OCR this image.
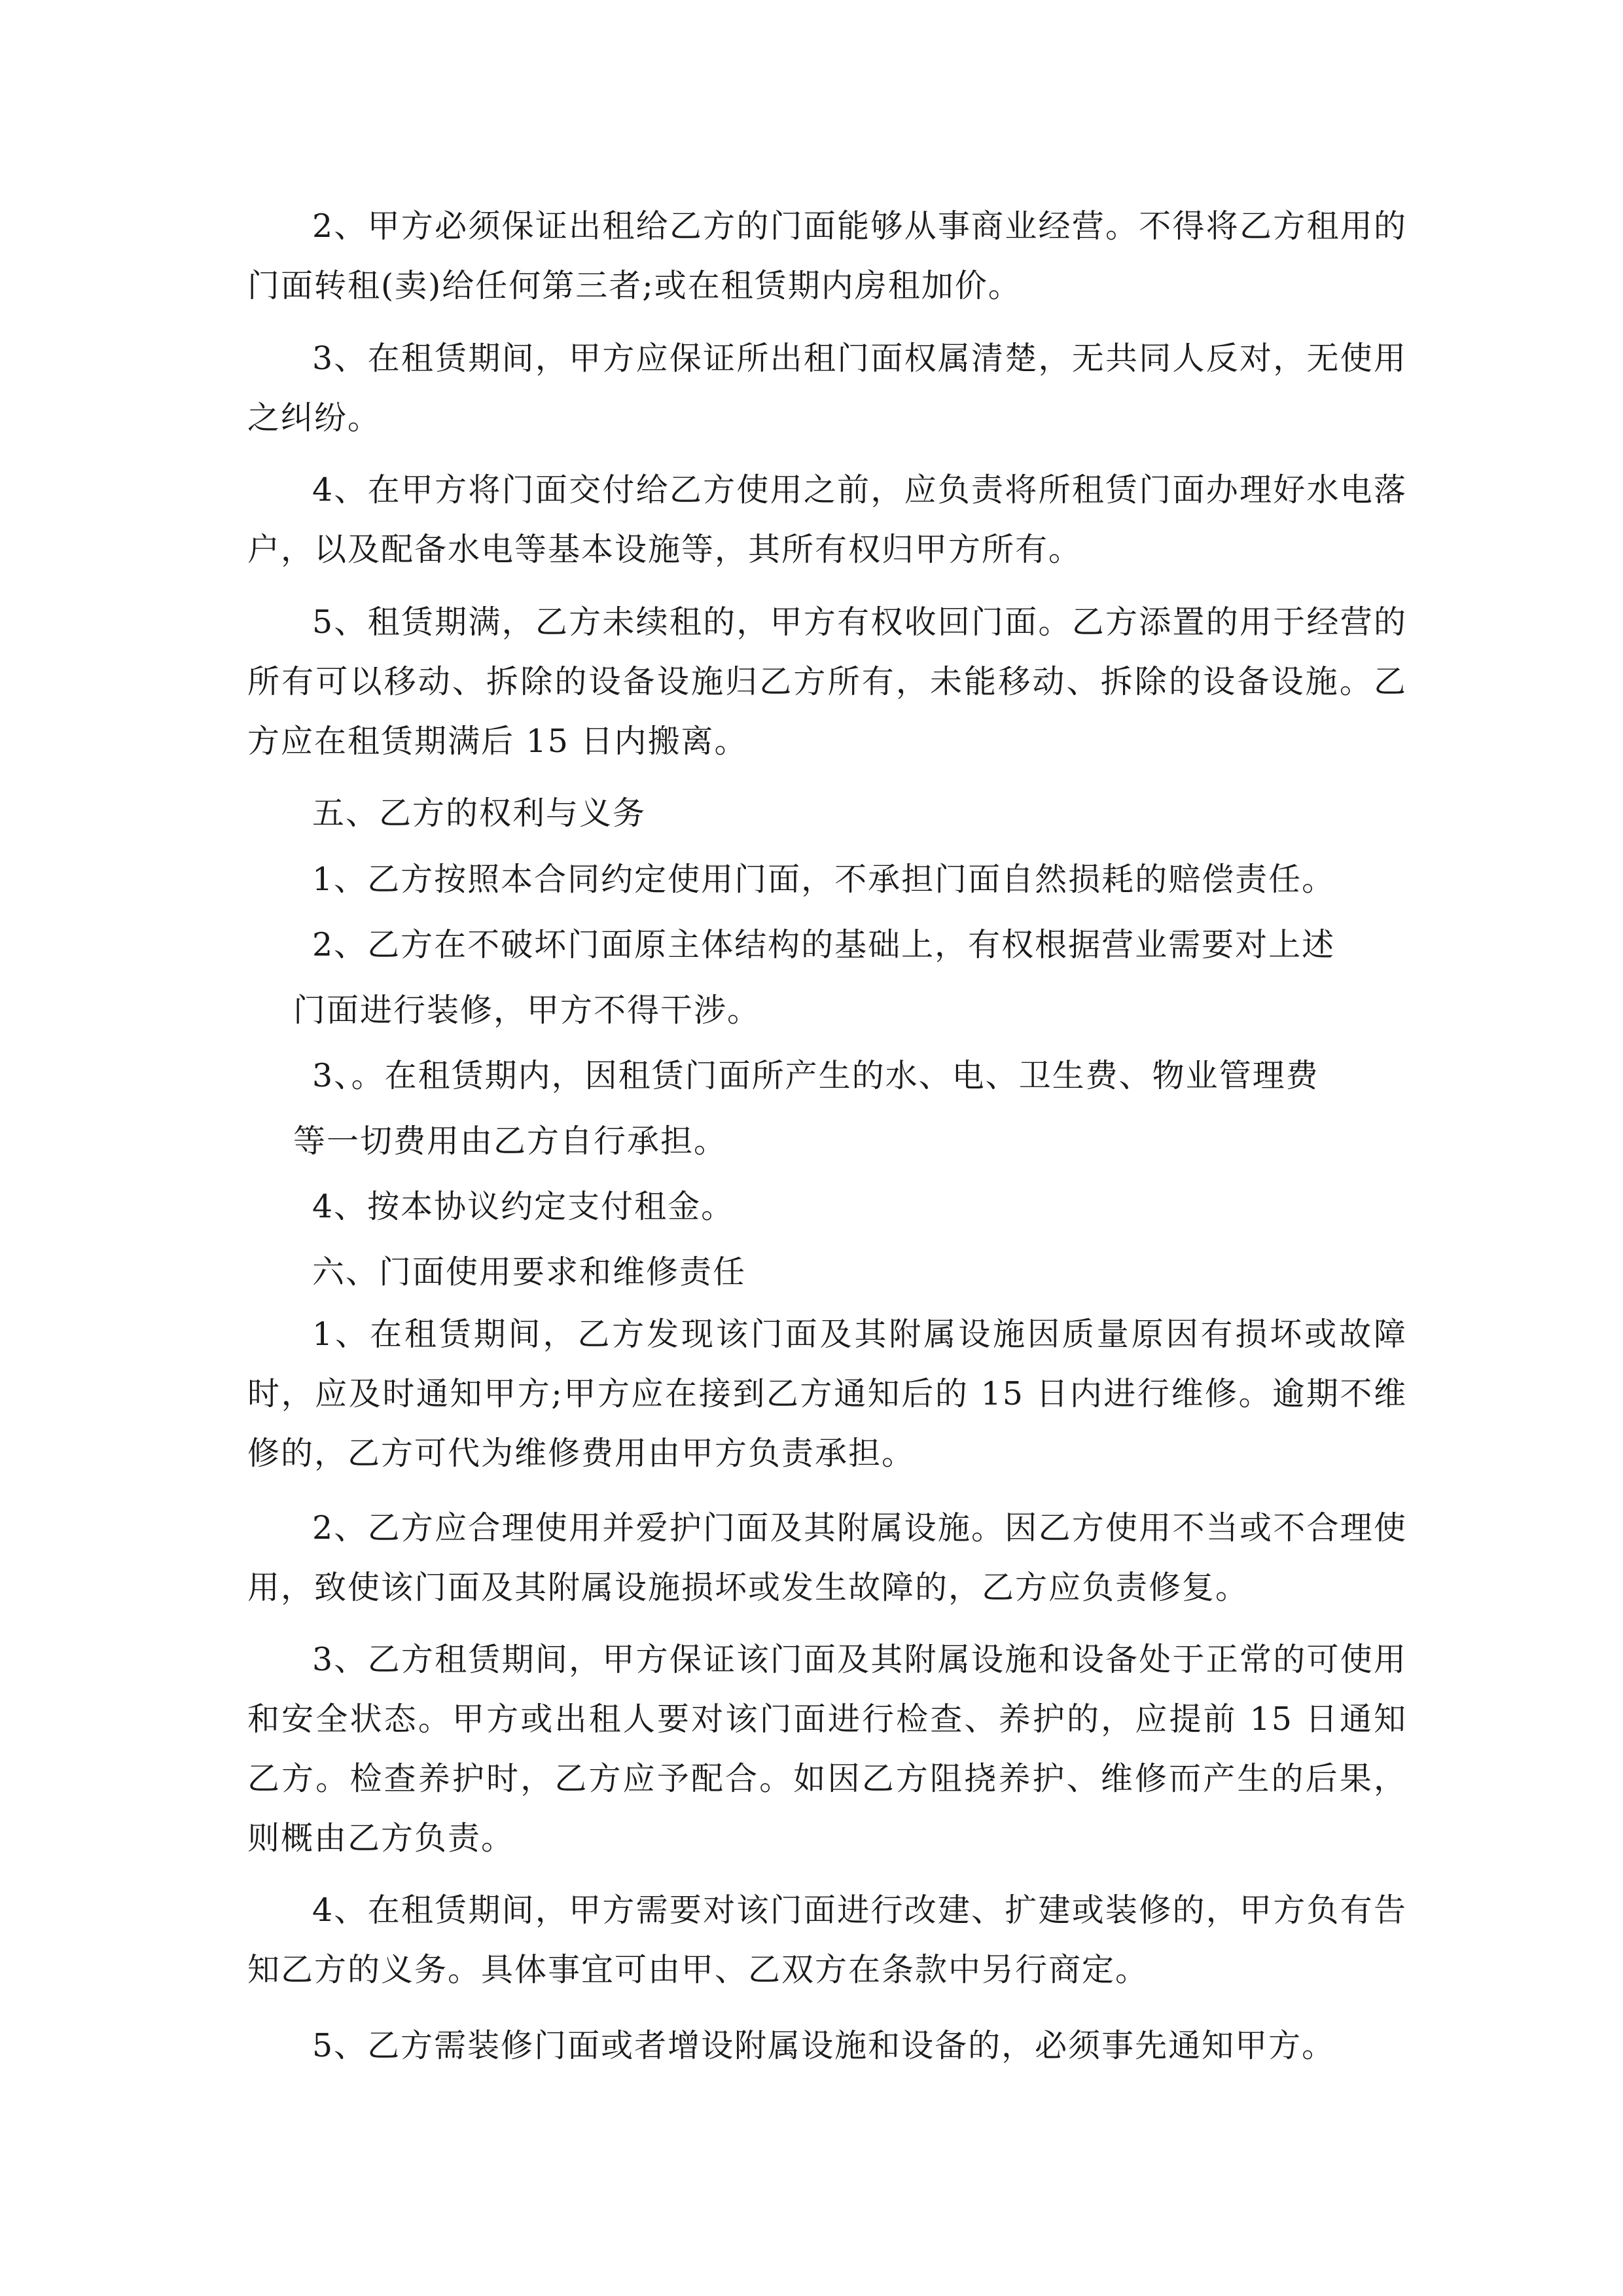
2、甲方必须保证出租给乙方的门面能够从事商业经营。不得将乙方租用的门面转租(卖)给任何第三者;或在租赁期内房租加价。

3、在租赁期间，甲方应保证所出租门面权属清楚，无共同人反对，无使用之纠纷。

4、在甲方将门面交付给乙方使用之前，应负责将所租赁门面办理好水电落户，以及配备水电等基本设施等，其所有权归甲方所有。

5、租赁期满，乙方未续租的，甲方有权收回门面。乙方添置的用于经营的所有可以移动、拆除的设备设施归乙方所有，未能移动、拆除的设备设施。乙方应在租赁期满后 15 日内搬离。

五、乙方的权利与义务

1、乙方按照本合同约定使用门面，不承担门面自然损耗的赔偿责任。

2、乙方在不破坏门面原主体结构的基础上，有权根据营业需要对上述

门面进行装修，甲方不得干涉。

3、。在租赁期内，因租赁门面所产生的水、电、卫生费、物业管理费

等一切费用由乙方自行承担。

4、按本协议约定支付租金。

六、门面使用要求和维修责任

1、在租赁期间，乙方发现该门面及其附属设施因质量原因有损坏或故障时，应及时通知甲方;甲方应在接到乙方通知后的 15 日内进行维修。逾期不维修的，乙方可代为维修费用由甲方负责承担。

2、乙方应合理使用并爱护门面及其附属设施。因乙方使用不当或不合理使用，致使该门面及其附属设施损坏或发生故障的，乙方应负责修复。

3、乙方租赁期间，甲方保证该门面及其附属设施和设备处于正常的可使用和安全状态。甲方或出租人要对该门面进行检查、养护的，应提前 15 日通知乙方。检查养护时，乙方应予配合。如因乙方阻挠养护、维修而产生的后果，则概由乙方负责。

4、在租赁期间，甲方需要对该门面进行改建、扩建或装修的，甲方负有告知乙方的义务。具体事宜可由甲、乙双方在条款中另行商定。

5、乙方需装修门面或者增设附属设施和设备的，必须事先通知甲方。
